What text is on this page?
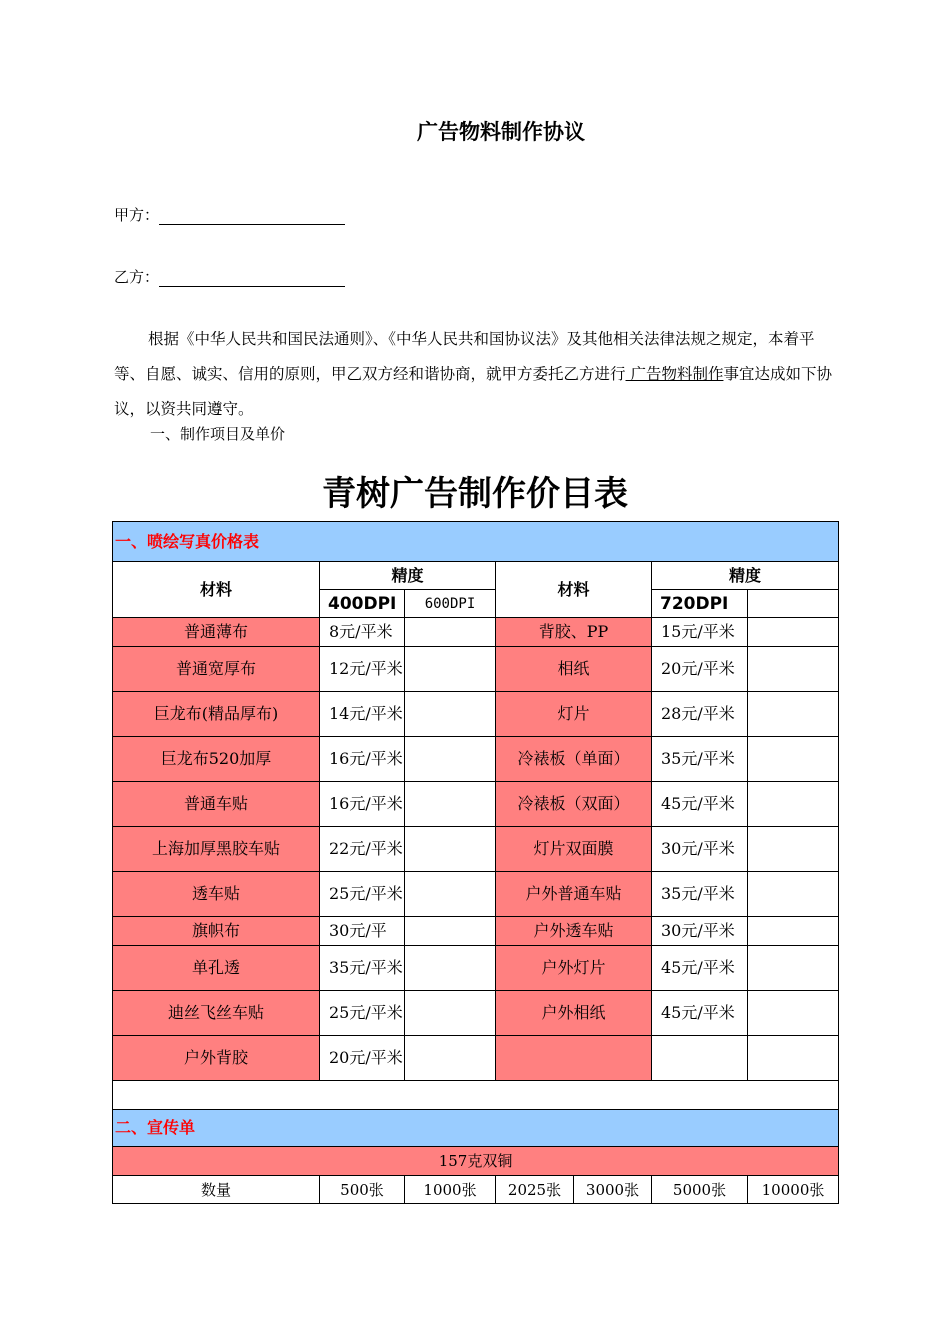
广告物料制作协议
甲方：
乙方：
根据《中华人民共和国民法通则》、《中华人民共和国协议法》及其他相关法律法规之规定，本着平等、自愿、诚实、信用的原则，甲乙双方经和谐协商，就甲方委托乙方进行 广告物料制作事宜达成如下协议，以资共同遵守。
一、制作项目及单价
青树广告制作价目表
一、喷绘写真价格表						
材料	精度		材料		精度	
	400DPI	600DPI			720DPI	
普通薄布	8元/平米		背胶、PP		15元/平米	
普通宽厚布	12元/平米		相纸		20元/平米	
巨龙布(精品厚布)	14元/平米		灯片		28元/平米	
巨龙布520加厚	16元/平米		冷裱板（单面）		35元/平米	
普通车贴	16元/平米		冷裱板（双面）		45元/平米	
上海加厚黑胶车贴	22元/平米		灯片双面膜		30元/平米	
透车贴	25元/平米		户外普通车贴		35元/平米	
旗帜布	30元/平		户外透车贴		30元/平米	
单孔透	35元/平米		户外灯片		45元/平米	
迪丝飞丝车贴	25元/平米		户外相纸		45元/平米	
户外背胶	20元/平米					

二、宣传单						
157克双铜						
数量	500张	1000张	2025张	3000张	5000张	10000张
